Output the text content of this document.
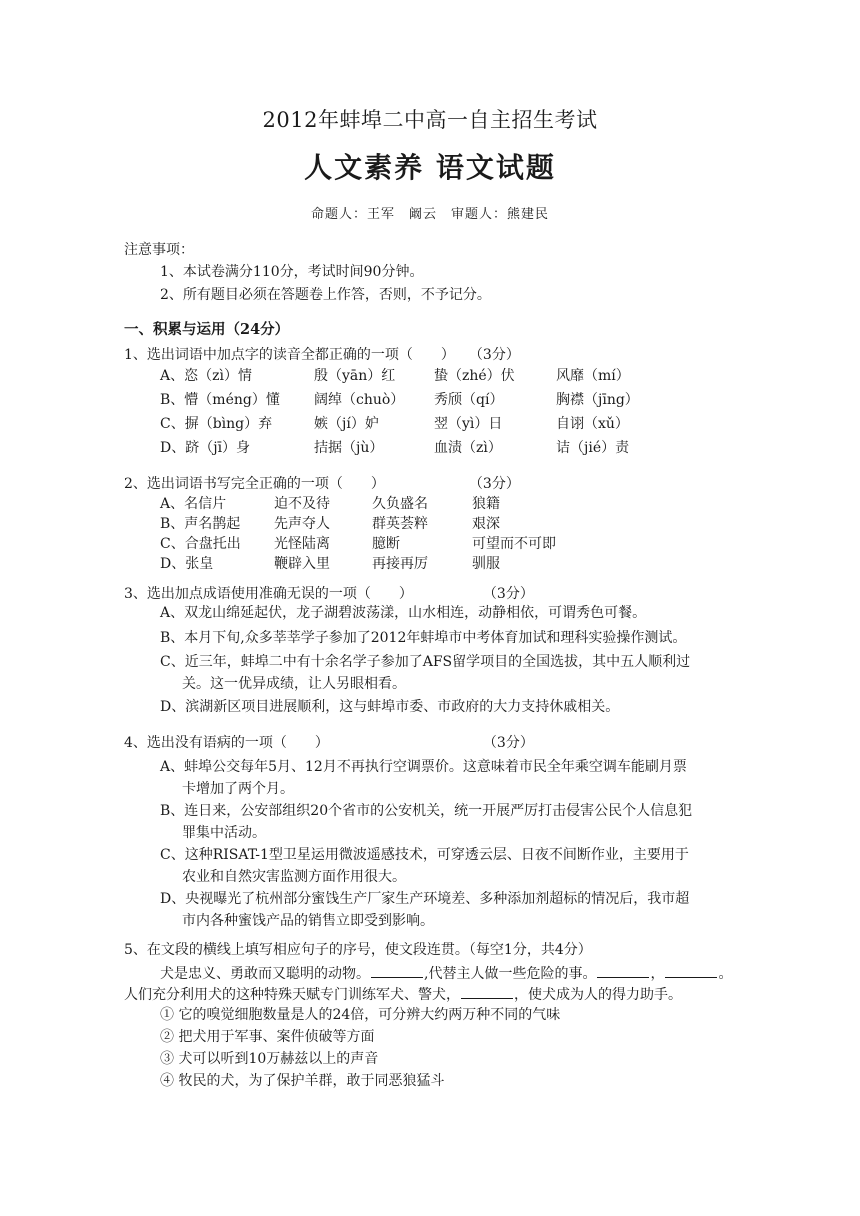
2012年蚌埠二中高一自主招生考试
人文素养 语文试题
命题人：王军　阚云　审题人：熊建民
注意事项：
1、本试卷满分110分，考试时间90分钟。
2、所有题目必须在答题卷上作答，否则，不予记分。
一、积累与运用（24分）
1、选出词语中加点字的读音全都正确的一项（　　）　　（3分）
A、恣（zì）情	殷（yān）红	蛰（zhé）伏	风靡（mí）
B、懵（méng）懂 阔绰（chuò） 秀颀（qí）	胸襟（jīng）
C、摒（bìng）弃	嫉（jí）妒	翌（yì）日	自诩（xǔ）
D、跻（jī）身	拮据（jù）	血渍（zì）	诘（jié）责
2、选出词语书写完全正确的一项（　　）　　　　　　　（3分）
A、名信片	迫不及待	久负盛名	狼籍
B、声名鹊起 先声夺人	群英荟粹	艰深
C、合盘托出 光怪陆离	臆断	可望而不可即
D、张皇	鞭辟入里	再接再厉	驯服
3、选出加点成语使用准确无误的一项（　　）　　　　　　（3分）
A、双龙山绵延起伏，龙子湖碧波荡漾，山水相连，动静相依，可谓秀色可餐。
B、本月下旬,众多莘莘学子参加了2012年蚌埠市中考体育加试和理科实验操作测试。
C、近三年，蚌埠二中有十余名学子参加了AFS留学项目的全国选拔，其中五人顺利过
关。这一优异成绩，让人另眼相看。
D、滨湖新区项目进展顺利，这与蚌埠市委、市政府的大力支持休戚相关。
4、选出没有语病的一项（　　）　　　　　　　　　　　　（3分）
A、蚌埠公交每年5月、12月不再执行空调票价。这意味着市民全年乘空调车能刷月票
卡增加了两个月。
B、连日来，公安部组织20个省市的公安机关，统一开展严厉打击侵害公民个人信息犯
罪集中活动。
C、这种RISAT-1型卫星运用微波遥感技术，可穿透云层、日夜不间断作业，主要用于
农业和自然灾害监测方面作用很大。
D、央视曝光了杭州部分蜜饯生产厂家生产环境差、多种添加剂超标的情况后，我市超
市内各种蜜饯产品的销售立即受到影响。
5、在文段的横线上填写相应句子的序号，使文段连贯。（每空1分，共4分）
犬是忠义、勇敢而又聪明的动物。	,代替主人做一些危险的事。	，	。
人们充分利用犬的这种特殊天赋专门训练军犬、警犬，	，使犬成为人的得力助手。
① 它的嗅觉细胞数量是人的24倍，可分辨大约两万种不同的气味
② 把犬用于军事、案件侦破等方面
③ 犬可以听到10万赫兹以上的声音
④ 牧民的犬，为了保护羊群，敢于同恶狼猛斗
